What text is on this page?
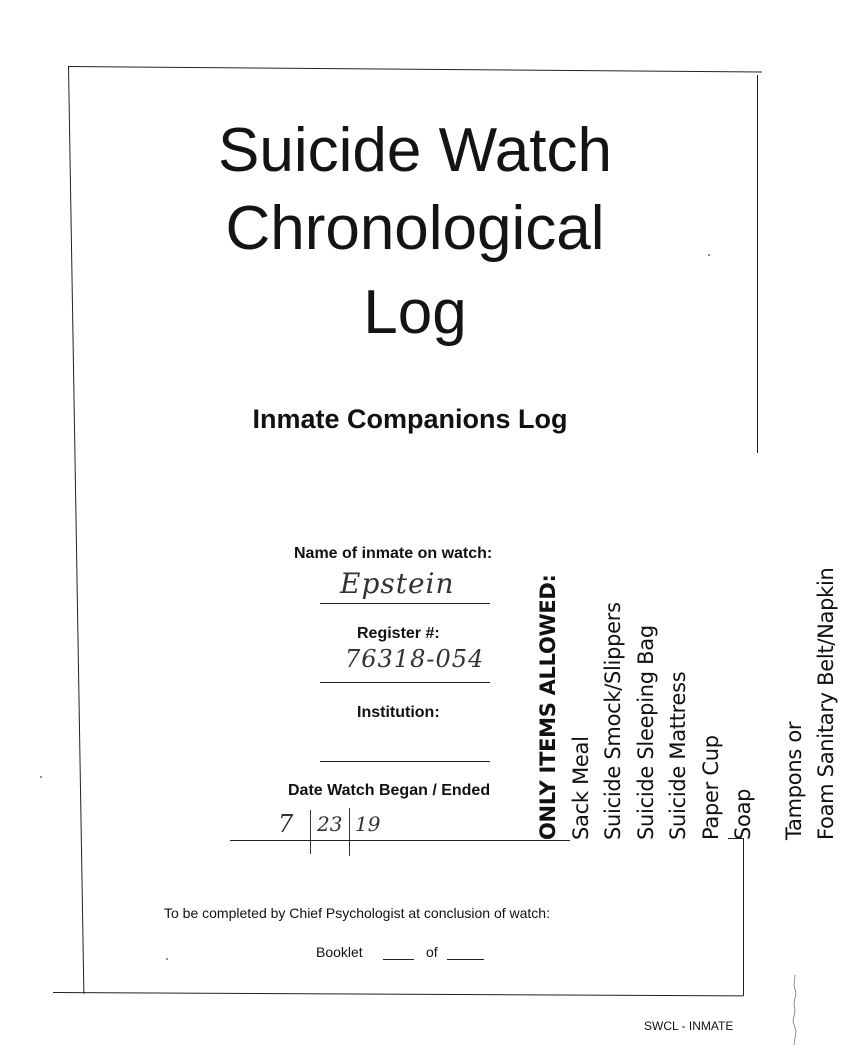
Suicide Watch
Chronological
Log
Inmate Companions Log
Name of inmate on watch:
Epstein
Register #:
76318-054
Institution:
Date Watch Began / Ended
7 23 19	ONLY ITEMS ALLOWED: Sack Meal Suicide Smock/Slippers Suicide Sleeping Bag Suicide Mattress Paper Cup Soap Tampons or Foam Sanitary Belt/Napkin
To be completed by Chief Psychologist at conclusion of watch:
Booklet	of
SWCL - INMATE
